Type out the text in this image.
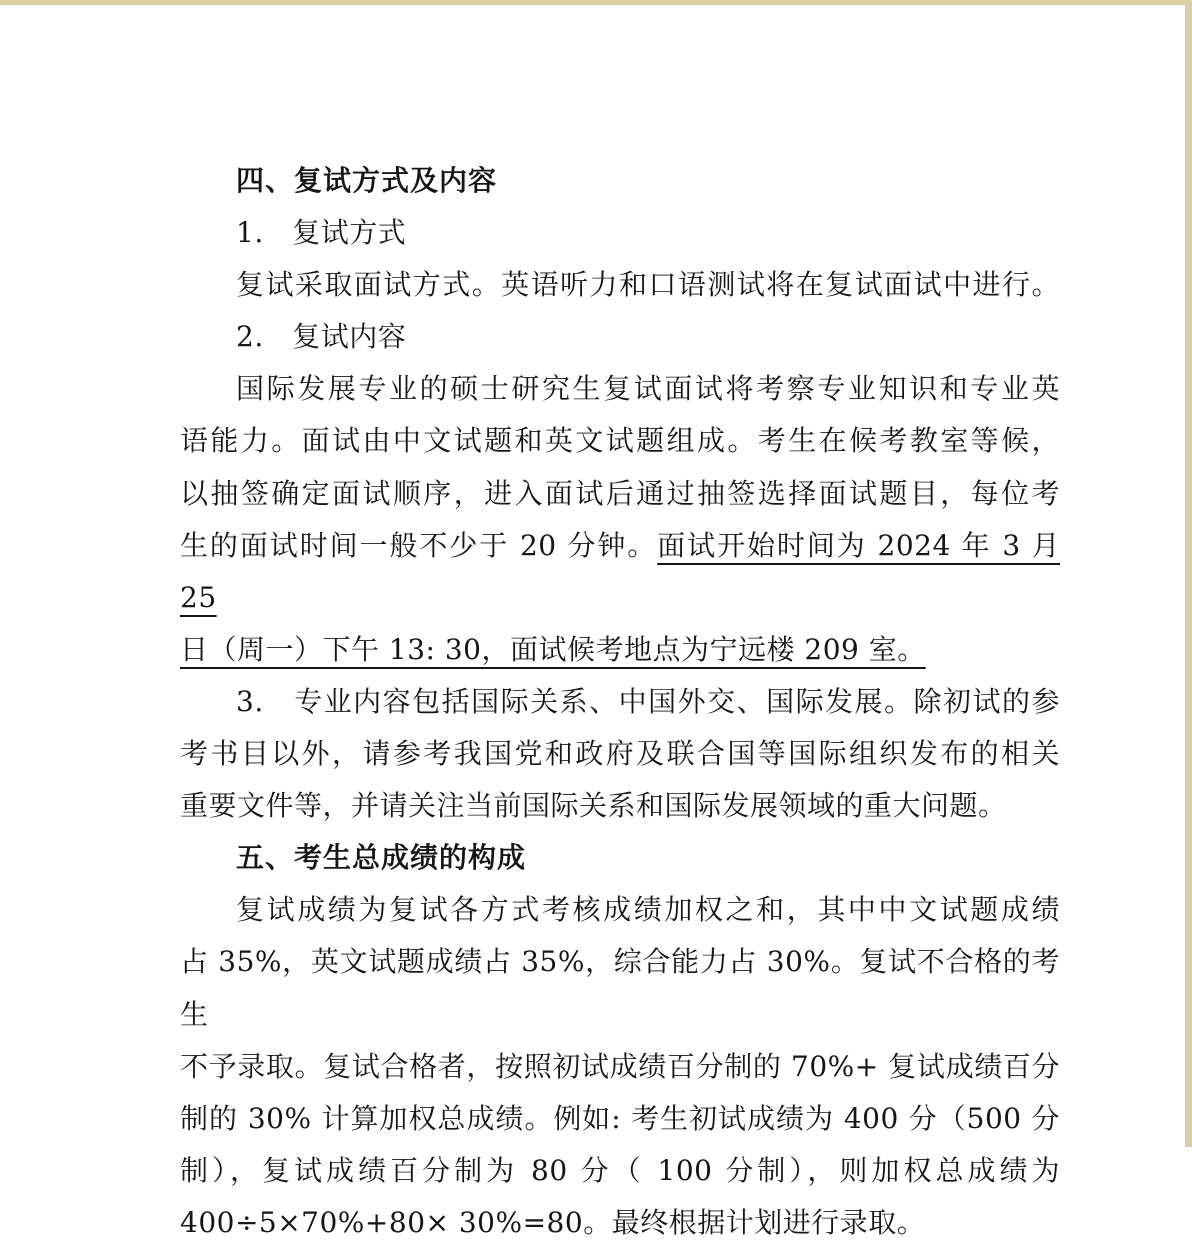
四、复试方式及内容
1.　复试方式
复试采取面试方式。英语听力和口语测试将在复试面试中进行。
2.　复试内容
国际发展专业的硕士研究生复试面试将考察专业知识和专业英
语能力。面试由中文试题和英文试题组成。考生在候考教室等候，
以抽签确定面试顺序，进入面试后通过抽签选择面试题目，每位考
生的面试时间一般不少于 20 分钟。面试开始时间为 2024 年 3 月 25
日（周一）下午 13: 30，面试候考地点为宁远楼 209 室。
3.　专业内容包括国际关系、中国外交、国际发展。除初试的参
考书目以外，请参考我国党和政府及联合国等国际组织发布的相关
重要文件等，并请关注当前国际关系和国际发展领域的重大问题。
五、考生总成绩的构成
复试成绩为复试各方式考核成绩加权之和，其中中文试题成绩
占 35%，英文试题成绩占 35%，综合能力占 30%。复试不合格的考生
不予录取。复试合格者，按照初试成绩百分制的 70%+ 复试成绩百分
制的 30% 计算加权总成绩。例如: 考生初试成绩为 400 分（500 分
制），复试成绩百分制为 80 分（ 100 分制），则加权总成绩为
400÷5×70%+80× 30%=80。最终根据计划进行录取。
